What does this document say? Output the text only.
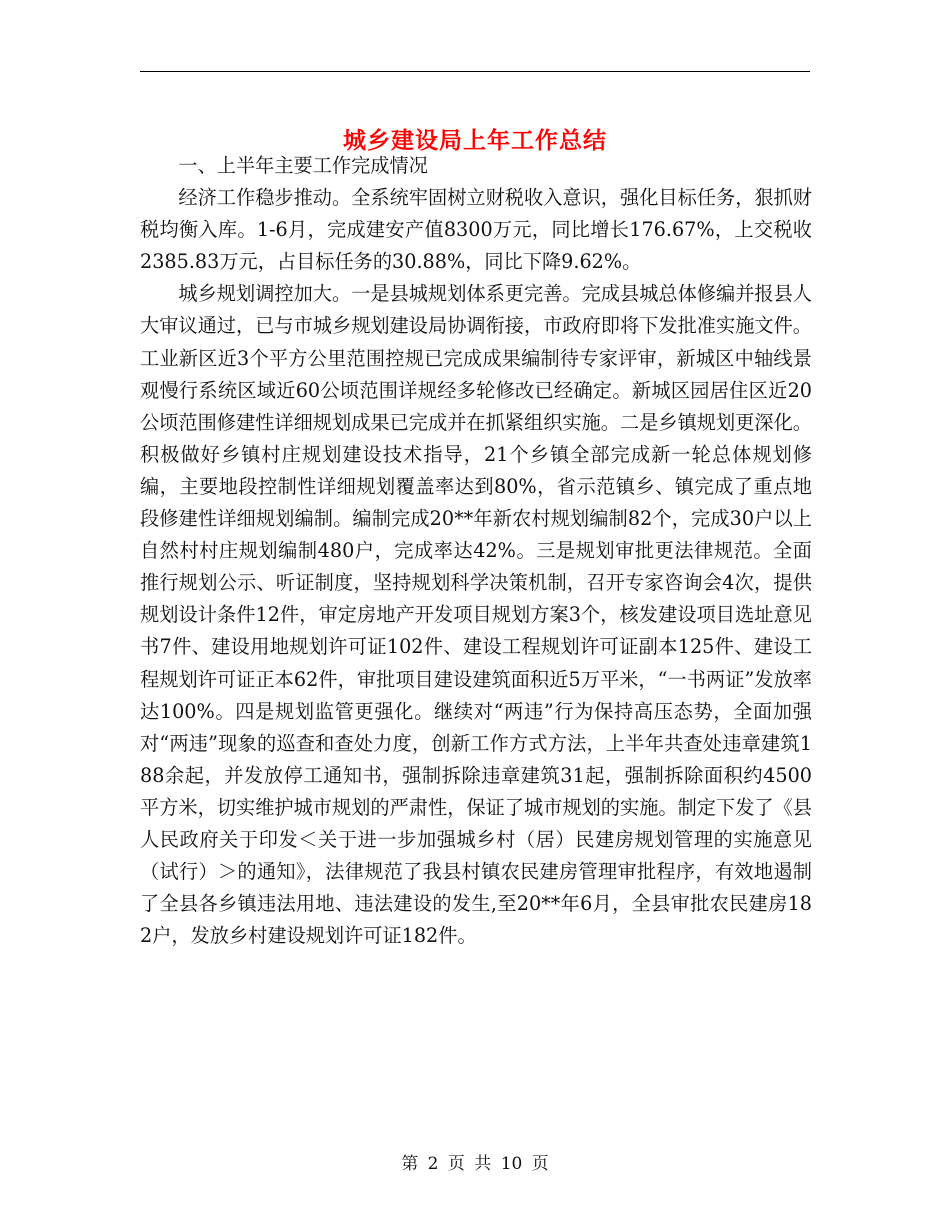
城乡建设局上年工作总结

一、上半年主要工作完成情况

经济工作稳步推动。全系统牢固树立财税收入意识，强化目标任务，狠抓财税均衡入库。1-6月，完成建安产值8300万元，同比增长176.67%，上交税收2385.83万元，占目标任务的30.88%，同比下降9.62%。

城乡规划调控加大。一是县城规划体系更完善。完成县城总体修编并报县人大审议通过，已与市城乡规划建设局协调衔接，市政府即将下发批准实施文件。工业新区近3个平方公里范围控规已完成成果编制待专家评审，新城区中轴线景观慢行系统区域近60公顷范围详规经多轮修改已经确定。新城区园居住区近20公顷范围修建性详细规划成果已完成并在抓紧组织实施。二是乡镇规划更深化。积极做好乡镇村庄规划建设技术指导，21个乡镇全部完成新一轮总体规划修编，主要地段控制性详细规划覆盖率达到80%，省示范镇乡、镇完成了重点地段修建性详细规划编制。编制完成20**年新农村规划编制82个，完成30户以上自然村村庄规划编制480户，完成率达42%。三是规划审批更法律规范。全面推行规划公示、听证制度，坚持规划科学决策机制，召开专家咨询会4次，提供规划设计条件12件，审定房地产开发项目规划方案3个，核发建设项目选址意见书7件、建设用地规划许可证102件、建设工程规划许可证副本125件、建设工程规划许可证正本62件，审批项目建设建筑面积近5万平米，“一书两证”发放率达100%。四是规划监管更强化。继续对“两违”行为保持高压态势，全面加强对“两违”现象的巡查和查处力度，创新工作方式方法，上半年共查处违章建筑188余起，并发放停工通知书，强制拆除违章建筑31起，强制拆除面积约4500平方米，切实维护城市规划的严肃性，保证了城市规划的实施。制定下发了《县人民政府关于印发＜关于进一步加强城乡村（居）民建房规划管理的实施意见（试行）＞的通知》，法律规范了我县村镇农民建房管理审批程序，有效地遏制了全县各乡镇违法用地、违法建设的发生,至20**年6月，全县审批农民建房182户，发放乡村建设规划许可证182件。

第 2 页 共 10 页
